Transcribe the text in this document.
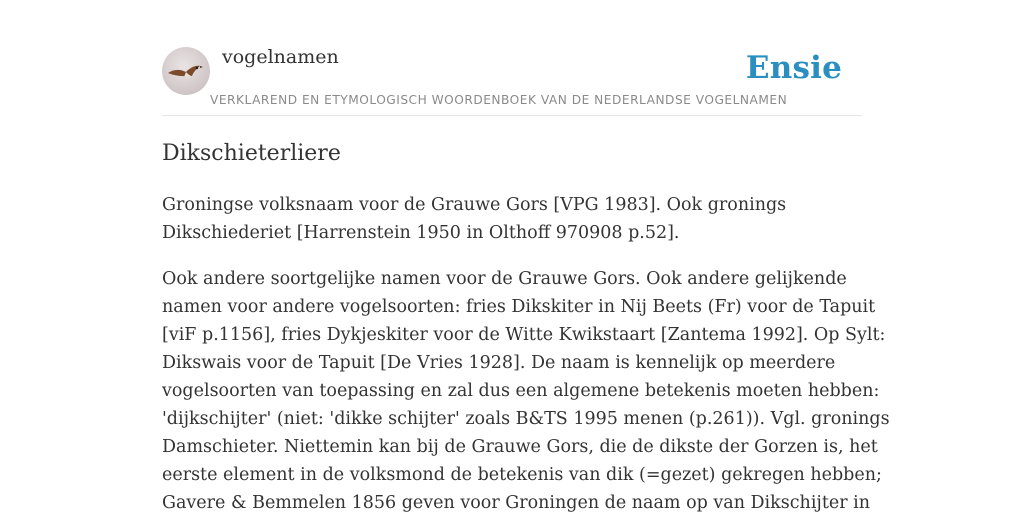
vogelnamen	Ensie
VERKLAREND EN ETYMOLOGISCH WOORDENBOEK VAN DE NEDERLANDSE VOGELNAMEN
Dikschieterliere
Groningse volksnaam voor de Grauwe Gors [VPG 1983]. Ook gronings
Dikschiederiet [Harrenstein 1950 in Olthoff 970908 p.52].
Ook andere soortgelijke namen voor de Grauwe Gors. Ook andere gelijkende
namen voor andere vogelsoorten: fries Dikskiter in Nij Beets (Fr) voor de Tapuit
[viF p.1156], fries Dykjeskiter voor de Witte Kwikstaart [Zantema 1992]. Op Sylt:
Dikswais voor de Tapuit [De Vries 1928]. De naam is kennelijk op meerdere
vogelsoorten van toepassing en zal dus een algemene betekenis moeten hebben:
'dijkschijter' (niet: 'dikke schijter' zoals B&TS 1995 menen (p.261)). Vgl. gronings
Damschieter. Niettemin kan bij de Grauwe Gors, die de dikste der Gorzen is, het
eerste element in de volksmond de betekenis van dik (=gezet) gekregen hebben;
Gavere & Bemmelen 1856 geven voor Groningen de naam op van Dikschijter in
